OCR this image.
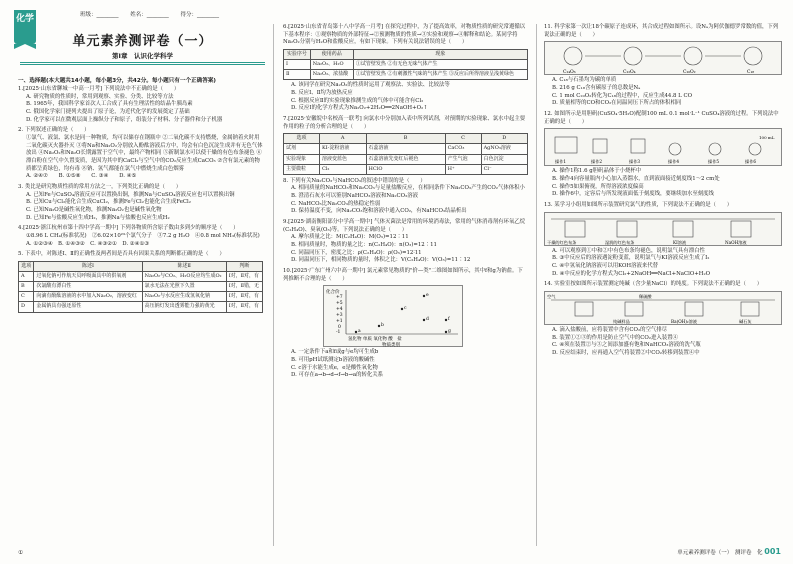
化学	班级：________ 姓名：________ 得分：________
单元素养测评卷（一）
第Ⅰ章　认识化学科学
一、选择题(本大题共14小题，每小题3分，共42分。每小题只有一个正确答案)

1.[2025·山东省聊城一中高一月考] 下列说法中不正确的是（　　）

A. 研究物质的性质时，常用到观察、实验、分类、比较等方法

B. 1965年，我国科学家首次人工合成了具有生理活性的结晶牛胰岛素

C. 俄国化学家门捷列夫提出了原子论，为近代化学的发展奠定了基础

D. 化学家可以在微观层面上操纵分子和原子，组装分子材料、分子器件和分子机器

2. 下列叙述正确的是（　　）

①氯气、液氯、氯水是同一种物质，均可以储存在钢瓶中 ②二氧化碳不支持燃烧，金属钠着火时用二氧化碳灭火器扑灭 ③将Na和Na₂O₂分别放入酚酞溶液后方中，均会有白色沉淀生成并有无色气体放出 ④Na₂O₂和Na₂O长期露置于空气中，最终产物相同 ⑤新制氯水可以使干燥的有色布条褪色 ⑥漂白粉在空气中久置变质，是因为其中的CaCl₂与空气中的CO₂反应生成CaCO₃ ⑦含有氯元素的物质都呈黄绿色，均有毒 ⑧钠、氢气都能在氯气中燃烧生成白色烟雾

A. ②④⑦　　B. ①⑤⑧　　C. ③④　　D. ④⑤

3. 类比是研究物质性质的常用方法之一，下列类比正确的是（　　）

A. 已知Fe与CuSO₄溶液反应可以置换出铜，推测Na与CuSO₄溶液反应也可以置换出铜

B. 已知Cu与Cl₂能化合生成CuCl₂，推测Fe与Cl₂也能化合生成FeCl₂

C. 已知Na₂O是碱性氧化物，推测Na₂O₂也是碱性氧化物

D. 已知Fe与盐酸反应生成H₂，推测Na与盐酸也反应生成H₂

4.[2025·浙江杭州市第十四中学高一期中] 下列各物质所含原子数由多到少的顺序是（　　）

①8.96 L CH₄(标准状况)　②6.02×10²³个氯气分子　③7.2 g H₂O　④0.8 mol NH₃(标准状况)

A. ①②③④　B. ①④③②　C. ④③②①　D. ②④①③

5. 下表中，对陈述Ⅰ、Ⅱ的正确性及两者间是否具有因果关系的判断都正确的是（　　）

选项	陈述Ⅰ	陈述Ⅱ	判断
A	过氧化钠可作航天员呼吸面具中的供氧剂	Na₂O₂与CO₂、H₂O反应均生成O₂	Ⅰ对，Ⅱ对，有
B	次氯酸有漂白性	氯水无法在光照下久置	Ⅰ对，Ⅱ错，无
C	向滴有酚酞溶液的水中加入Na₂O₂，溶液变红	Na₂O₂与水反应生成氢氧化钠	Ⅰ对，Ⅱ对，有
D	金属钠具有强还原性	高压钠灯发出透雾能力强的黄光	Ⅰ对，Ⅱ对，有

6.[2025·山东省青岛第十八中学高一月考] 在探究过程中，为了提高效率，对物质性质的研究常遵循以下基本程序：①观察物质的外部特征→②预测物质的性质→③实验和观察→④解释和结论。某同学将Na₂O₂分别与H₂O和盐酸反应，有如下现象。下列有关说法错误的是（　　）

实验序号	使用药品	现象
Ⅰ	Na₂O₂、H₂O	①试管壁发热 ②有无色无味气体产生
Ⅱ	Na₂O₂、浓盐酸	①试管壁发热 ②有刺激性气味的气体产生 ③反应后所得溶液呈浅黄绿色

A. 该同学在研究Na₂O₂的性质时运用了观察法、实验法、比较法等

B. 反应Ⅰ、Ⅱ均为放热反应

C. 根据反应Ⅱ的实验现象推测生成的气体中可能含有Cl₂

D. 反应Ⅰ的化学方程式为Na₂O₂+2H₂O══2NaOH+O₂↑

7.[2025·安徽皖中名校高一联考] 向氯水中分别加入表中所列试剂，对预期的实验现象、氯水中起主要作用的粒子的分析合理的是（　　）

选项	A	B	C	D
试剂	KI-淀粉溶液	石蕊溶液	CaCO₃	AgNO₃溶液
实验现象	溶液变蓝色	石蕊溶液先变红后褪色	产生气泡	白色沉淀
主要微粒	Cl₂	HClO	H⁺	Cl⁻

8. 下列有关Na₂CO₃与NaHCO₃的叙述中错误的是（　　）

A. 相同质量的NaHCO₃和Na₂CO₃与足量盐酸反应，在相同条件下Na₂CO₃产生的CO₂气体体积小

B. 澄清石灰水可以鉴别NaHCO₃溶液和Na₂CO₃溶液

C. NaHCO₃比Na₂CO₃的热稳定性弱

D. 保持温度不变，向Na₂CO₃饱和溶液中通入CO₂，有NaHCO₃结晶析出

9.[2025·湖南衡阳部分中学高一期中] 气体灭菌法是常用的环境消毒法，常用的气体消毒剂有环氧乙烷(C₂H₄O)、臭氧(O₃)等。下列说法正确的是（　　）

A. 摩尔质量之比：M(C₂H₄O)：M(O₃)=12∶11

B. 相同质量时，物质的量之比：n(C₂H₄O)：n(O₃)=12∶11

C. 同温同压下，密度之比：ρ(C₂H₄O)：ρ(O₃)=12∶11

D. 同温同压下，相同物质的量时，体积之比：V(C₂H₄O)：V(O₃)=11∶12

10.[2025·广东广州六中高一期中] 氯元素常见物质的"价—类"二维图如图所示，其中f和g为钠盐。下列推断不合理的是（　　）

化合价
+7
+5
+4
+3
+1
0
-1	a
b
c
d
e
f
g
氢化物 单质 氧化物 酸　盐
物质类别

A. 一定条件下a和f或g与e均可生成b

B. 可用pH试纸测定b溶液的酸碱性

C. c溶于水能生成e，e是酸性氧化物

D. 可存在a→b→d→f→b→a的转化关系

11. 科学家第一次让18个碳原子连成环，其合成过程如图所示。设Nₐ为阿伏伽德罗常数的值，下列说法正确的是（　　）

C₂₄O₆	C₂₂O₄	C₂₀O₂	C₁₈

A. C₁₈与石墨均为碳的单质

B. 216 g C₁₈含有碳原子的总数是Nₐ

C. 1 mol C₂₀O₂转化为C₁₈的过程中，反应生成44.8 L CO

D. 质量相等的CO和CO₂在同温同压下所占的体积相同

12. 如图所示是用胆矾(CuSO₄·5H₂O)配制100 mL 0.1 mol·L⁻¹ CuSO₄溶液的过程。下列说法中正确的是（　　）

100 mL
操作1	操作2	操作3	操作4	操作5	操作6

A. 操作1称1.6 g胆矾晶体于小烧杯中

B. 操作4向容量瓶内小心加入蒸馏水，直到液面接近刻度线1～2 cm处

C. 操作5如果俯视，所得溶液浓度偏高

D. 操作6中，定容后与所发现液面低于刻度线，要继续加水至刻度线

13. 某学习小组用如图所示装置研究氯气的性质，下列说法不正确的是（　　）

干燥的红色布条	湿润的红色布条	KI溶液	NaOH溶液

A. 可以观察到①中和②中有色布条均褪色，说明氯气具有漂白性

B. ③中反应后的溶液遇淀粉变蓝，说明氯气与KI溶液反应生成了I₂

C. ④中氢氧化钠溶液可以用KOH溶液来代替

D. ④中反应的化学方程式为Cl₂+2NaOH══NaCl+NaClO+H₂O

14. 实验室按如图所示装置测定纯碱（含少量NaCl）的纯度。下列说法不正确的是（　　）

空气
纯碱样品
稀硫酸
Ba(OH)₂溶液	碱石灰

A. 滴入盐酸前，应将装置中含有CO₂的空气排尽

B. 装置①②③的作用是防止空气中的CO₂进入装置④

C. ④须在装置②与③之间添加盛有饱和NaHCO₃溶液的洗气瓶

D. 反应结束时，应再通入空气将装置②中CO₂转移到装置④中

①	单元素养测评卷（一）　测评卷　化 001
